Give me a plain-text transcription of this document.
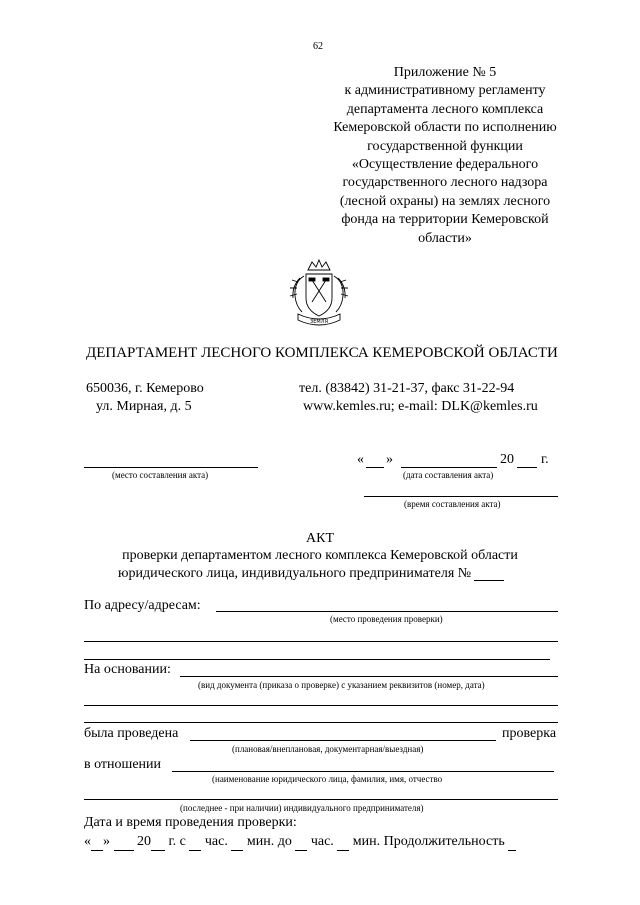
62
Приложение № 5
к административному регламенту
департамента лесного комплекса
Кемеровской области по исполнению
государственной функции
«Осуществление федерального
государственного лесного надзора
(лесной охраны) на землях лесного
фонда на территории Кемеровской
области»
ЗЕМЛЯ
ДЕПАРТАМЕНТ ЛЕСНОГО КОМПЛЕКСА КЕМЕРОВСКОЙ ОБЛАСТИ
650036, г. Кемерово
ул. Мирная, д. 5
тел. (83842) 31-21-37, факс 31-22-94
www.kemles.ru; e-mail: DLK@kemles.ru
(место составления акта)
« »	20 г.
(дата составления акта)
(время составления акта)
АКТ
проверки департаментом лесного комплекса Кемеровской области
юридического лица, индивидуального предпринимателя №
По адресу/адресам:
(место проведения проверки)
На основании:
(вид документа (приказа о проверке) с указанием реквизитов (номер, дата)
была проведена	проверка
(плановая/внеплановая, документарная/выездная)
в отношении
(наименование юридического лица, фамилия, имя, отчество
(последнее - при наличии) индивидуального предпринимателя)
Дата и время проведения проверки:
« » 20 г. с час. мин. до час. мин. Продолжительность
